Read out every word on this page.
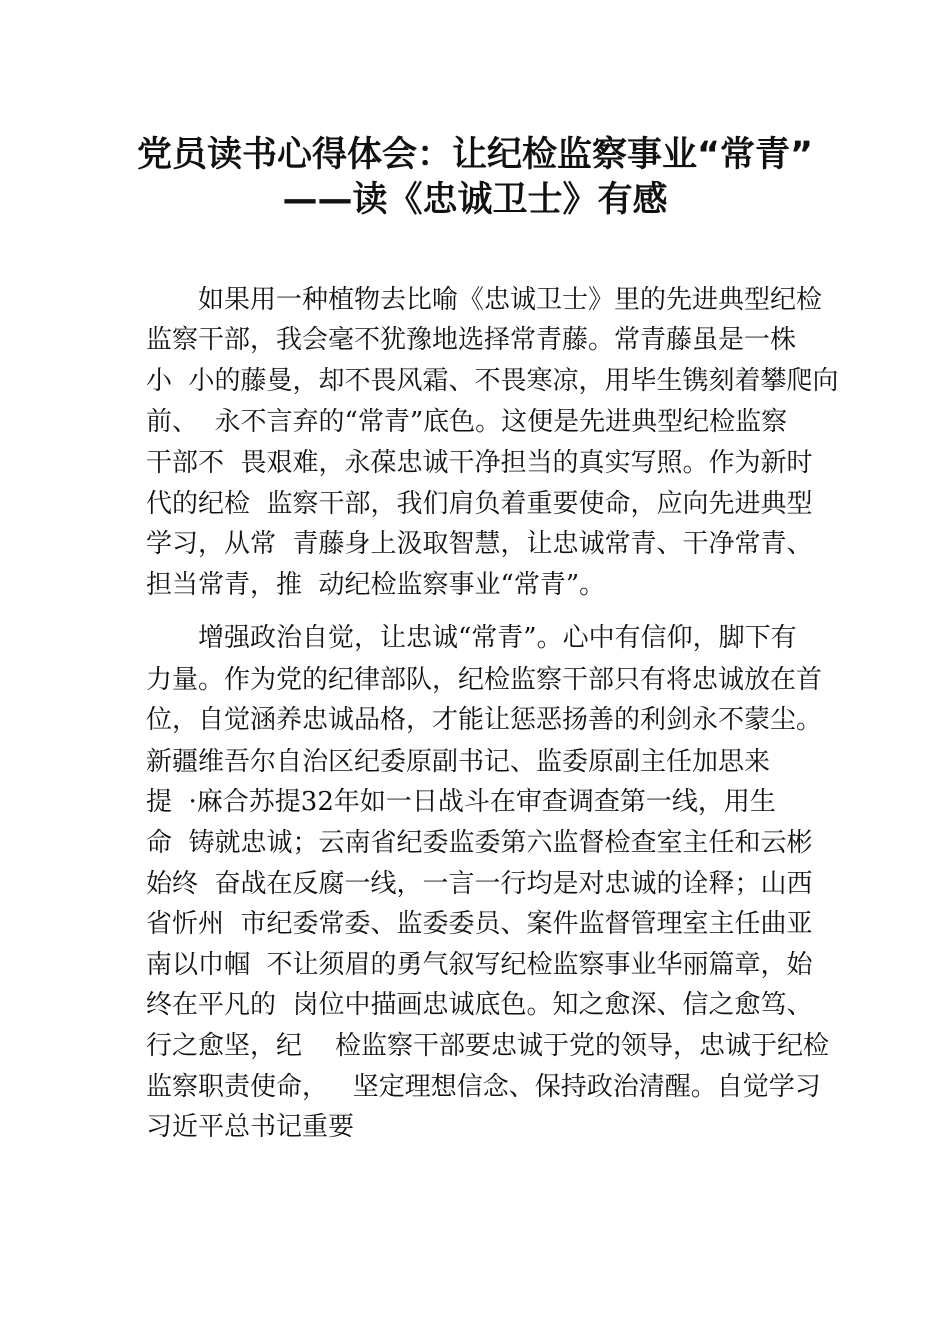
党员读书心得体会：让纪检监察事业“常青”
——读《忠诚卫士》有感
　　如果用一种植物去比喻《忠诚卫士》里的先进典型纪检
监察干部，我会毫不犹豫地选择常青藤。常青藤虽是一株
小  小的藤曼，却不畏风霜、不畏寒凉，用毕生镌刻着攀爬向
前、  永不言弃的“常青”底色。这便是先进典型纪检监察
干部不  畏艰难，永葆忠诚干净担当的真实写照。作为新时
代的纪检  监察干部，我们肩负着重要使命，应向先进典型
学习，从常  青藤身上汲取智慧，让忠诚常青、干净常青、
担当常青，推  动纪检监察事业“常青”。
　　增强政治自觉，让忠诚“常青”。心中有信仰，脚下有
力量。作为党的纪律部队，纪检监察干部只有将忠诚放在首
位，自觉涵养忠诚品格，才能让惩恶扬善的利剑永不蒙尘。
新疆维吾尔自治区纪委原副书记、监委原副主任加思来
提  ·麻合苏提32年如一日战斗在审查调查第一线，用生
命  铸就忠诚；云南省纪委监委第六监督检查室主任和云彬
始终  奋战在反腐一线，一言一行均是对忠诚的诠释；山西
省忻州  市纪委常委、监委委员、案件监督管理室主任曲亚
南以巾帼  不让须眉的勇气叙写纪检监察事业华丽篇章，始
终在平凡的  岗位中描画忠诚底色。知之愈深、信之愈笃、
行之愈坚，纪    检监察干部要忠诚于党的领导，忠诚于纪检
监察职责使命，   坚定理想信念、保持政治清醒。自觉学习
习近平总书记重要
